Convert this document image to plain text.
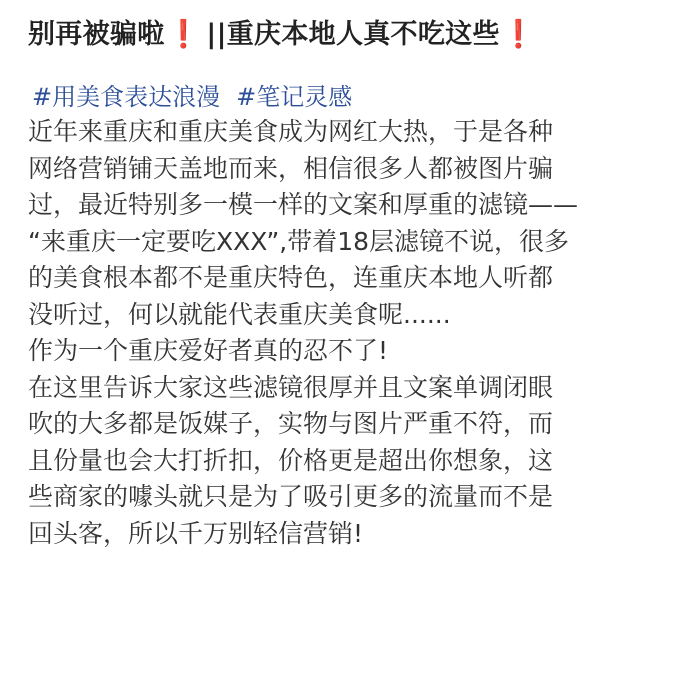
别再被骗啦❗ ||重庆本地人真不吃这些❗
#用美食表达浪漫 #笔记灵感
近年来重庆和重庆美食成为网红大热，于是各种
网络营销铺天盖地而来，相信很多人都被图片骗
过，最近特别多一模一样的文案和厚重的滤镜——
“来重庆一定要吃XXX”,带着18层滤镜不说，很多
的美食根本都不是重庆特色，连重庆本地人听都
没听过，何以就能代表重庆美食呢......
作为一个重庆爱好者真的忍不了!
在这里告诉大家这些滤镜很厚并且文案单调闭眼
吹的大多都是饭媒子，实物与图片严重不符，而
且份量也会大打折扣，价格更是超出你想象，这
些商家的噱头就只是为了吸引更多的流量而不是
回头客，所以千万别轻信营销!
